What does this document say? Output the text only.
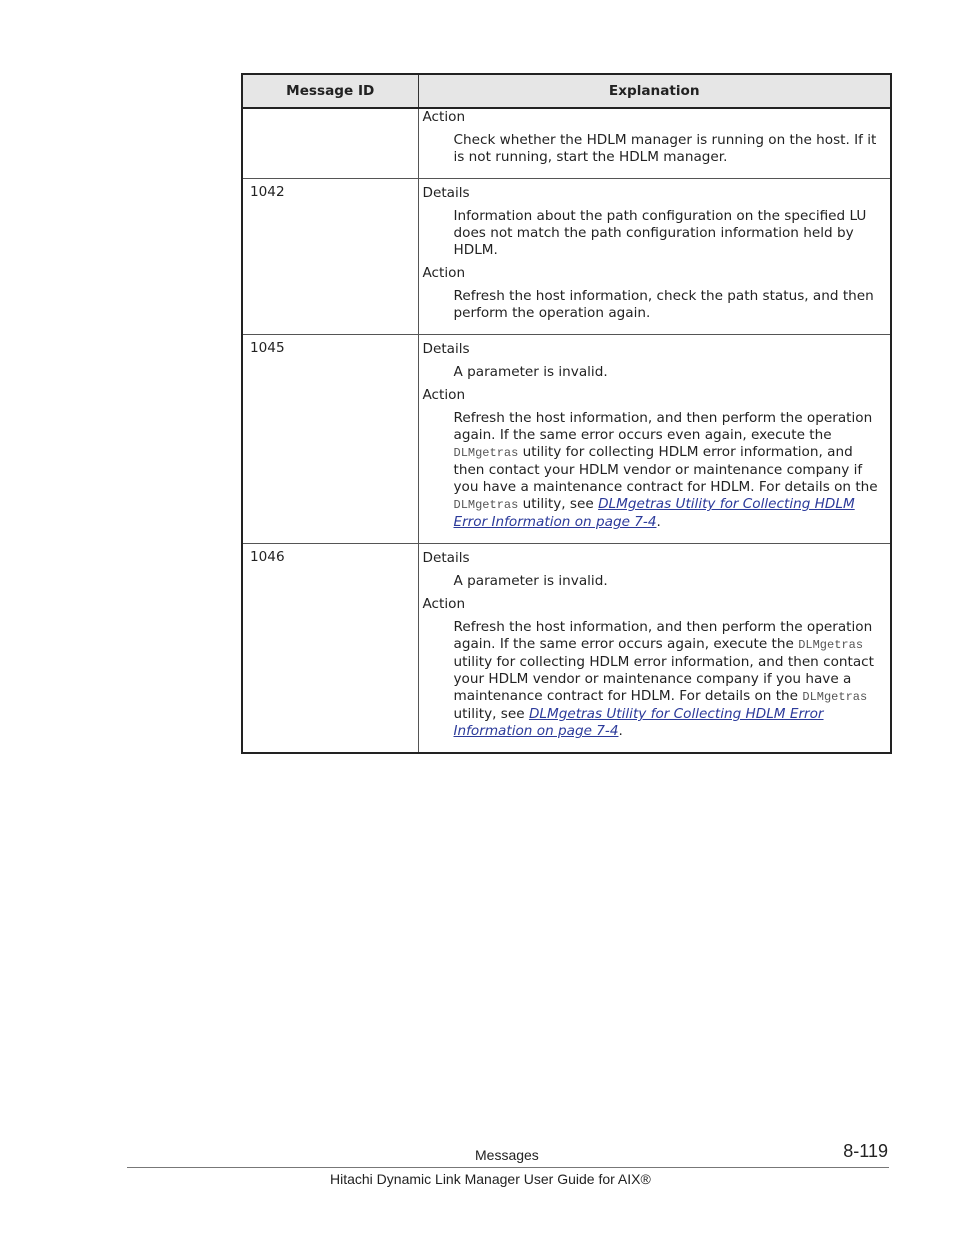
Message ID	Explanation

	Action
Check whether the HDLM manager is running on the host. If it is not running, start the HDLM manager.

1042	Details
Information about the path configuration on the specified LU does not match the path configuration information held by HDLM.
Action
Refresh the host information, check the path status, and then perform the operation again.

1045	Details
A parameter is invalid.
Action
Refresh the host information, and then perform the operation again. If the same error occurs even again, execute the DLMgetras utility for collecting HDLM error information, and then contact your HDLM vendor or maintenance company if you have a maintenance contract for HDLM. For details on the DLMgetras utility, see DLMgetras Utility for Collecting HDLM Error Information on page 7-4.

1046	Details
A parameter is invalid.
Action
Refresh the host information, and then perform the operation again. If the same error occurs again, execute the DLMgetras utility for collecting HDLM error information, and then contact your HDLM vendor or maintenance company if you have a maintenance contract for HDLM. For details on the DLMgetras utility, see DLMgetras Utility for Collecting HDLM Error Information on page 7-4.
Messages	8-119
Hitachi Dynamic Link Manager User Guide for AIX®
